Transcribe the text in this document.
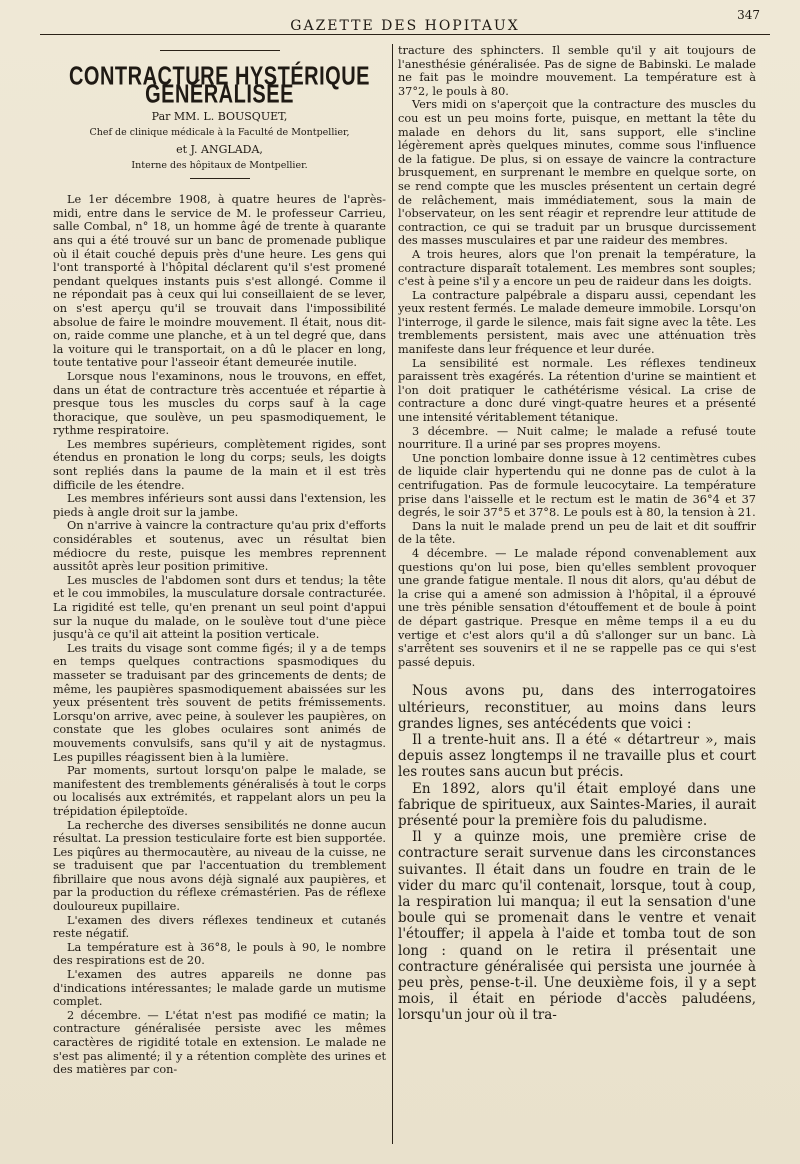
GAZETTE DES HOPITAUX
347
CONTRACTURE HYSTÉRIQUE GÉNÉRALISÉE
Par MM. L. BOUSQUET,
Chef de clinique médicale à la Faculté de Montpellier,
et J. ANGLADA,
Interne des hôpitaux de Montpellier.

Le 1er décembre 1908, à quatre heures de l'après-midi, entre dans le service de M. le professeur Carrieu, salle Combal, n° 18, un homme âgé de trente à quarante ans qui a été trouvé sur un banc de promenade publique où il était couché depuis près d'une heure. Les gens qui l'ont transporté à l'hôpital déclarent qu'il s'est promené pendant quelques instants puis s'est allongé. Comme il ne répondait pas à ceux qui lui conseillaient de se lever, on s'est aperçu qu'il se trouvait dans l'impossibilité absolue de faire le moindre mouvement. Il était, nous dit-on, raide comme une planche, et à un tel degré que, dans la voiture qui le transportait, on a dû le placer en long, toute tentative pour l'asseoir étant demeurée inutile.

Lorsque nous l'examinons, nous le trouvons, en effet, dans un état de contracture très accentuée et répartie à presque tous les muscles du corps sauf à la cage thoracique, que soulève, un peu spasmodiquement, le rythme respiratoire.

Les membres supérieurs, complètement rigides, sont étendus en pronation le long du corps; seuls, les doigts sont repliés dans la paume de la main et il est très difficile de les étendre.

Les membres inférieurs sont aussi dans l'extension, les pieds à angle droit sur la jambe.

On n'arrive à vaincre la contracture qu'au prix d'efforts considérables et soutenus, avec un résultat bien médiocre du reste, puisque les membres reprennent aussitôt après leur position primitive.

Les muscles de l'abdomen sont durs et tendus; la tête et le cou immobiles, la musculature dorsale contracturée. La rigidité est telle, qu'en prenant un seul point d'appui sur la nuque du malade, on le soulève tout d'une pièce jusqu'à ce qu'il ait atteint la position verticale.

Les traits du visage sont comme figés; il y a de temps en temps quelques contractions spasmodiques du masseter se traduisant par des grincements de dents; de même, les paupières spasmodiquement abaissées sur les yeux présentent très souvent de petits frémissements. Lorsqu'on arrive, avec peine, à soulever les paupières, on constate que les globes oculaires sont animés de mouvements convulsifs, sans qu'il y ait de nystagmus. Les pupilles réagissent bien à la lumière.

Par moments, surtout lorsqu'on palpe le malade, se manifestent des tremblements généralisés à tout le corps ou localisés aux extrémités, et rappelant alors un peu la trépidation épileptoïde.

La recherche des diverses sensibilités ne donne aucun résultat. La pression testiculaire forte est bien supportée. Les piqûres au thermocautère, au niveau de la cuisse, ne se traduisent que par l'accentuation du tremblement fibrillaire que nous avons déjà signalé aux paupières, et par la production du réflexe crémastérien. Pas de réflexe douloureux pupillaire.

L'examen des divers réflexes tendineux et cutanés reste négatif.

La température est à 36°8, le pouls à 90, le nombre des respirations est de 20.

L'examen des autres appareils ne donne pas d'indications intéressantes; le malade garde un mutisme complet.

2 décembre. — L'état n'est pas modifié ce matin; la contracture généralisée persiste avec les mêmes caractères de rigidité totale en extension. Le malade ne s'est pas alimenté; il y a rétention complète des urines et des matières par con-

tracture des sphincters. Il semble qu'il y ait toujours de l'anesthésie généralisée. Pas de signe de Babinski. Le malade ne fait pas le moindre mouvement. La température est à 37°2, le pouls à 80.

Vers midi on s'aperçoit que la contracture des muscles du cou est un peu moins forte, puisque, en mettant la tête du malade en dehors du lit, sans support, elle s'incline légèrement après quelques minutes, comme sous l'influence de la fatigue. De plus, si on essaye de vaincre la contracture brusquement, en surprenant le membre en quelque sorte, on se rend compte que les muscles présentent un certain degré de relâchement, mais immédiatement, sous la main de l'observateur, on les sent réagir et reprendre leur attitude de contraction, ce qui se traduit par un brusque durcissement des masses musculaires et par une raideur des membres.

A trois heures, alors que l'on prenait la température, la contracture disparaît totalement. Les membres sont souples; c'est à peine s'il y a encore un peu de raideur dans les doigts.

La contracture palpébrale a disparu aussi, cependant les yeux restent fermés. Le malade demeure immobile. Lorsqu'on l'interroge, il garde le silence, mais fait signe avec la tête. Les tremblements persistent, mais avec une atténuation très manifeste dans leur fréquence et leur durée.

La sensibilité est normale. Les réflexes tendineux paraissent très exagérés. La rétention d'urine se maintient et l'on doit pratiquer le cathétérisme vésical. La crise de contracture a donc duré vingt-quatre heures et a présenté une intensité véritablement tétanique.

3 décembre. — Nuit calme; le malade a refusé toute nourriture. Il a uriné par ses propres moyens.

Une ponction lombaire donne issue à 12 centimètres cubes de liquide clair hypertendu qui ne donne pas de culot à la centrifugation. Pas de formule leucocytaire. La température prise dans l'aisselle et le rectum est le matin de 36°4 et 37 degrés, le soir 37°5 et 37°8. Le pouls est à 80, la tension à 21.

Dans la nuit le malade prend un peu de lait et dit souffrir de la tête.

4 décembre. — Le malade répond convenablement aux questions qu'on lui pose, bien qu'elles semblent provoquer une grande fatigue mentale. Il nous dit alors, qu'au début de la crise qui a amené son admission à l'hôpital, il a éprouvé une très pénible sensation d'étouffement et de boule à point de départ gastrique. Presque en même temps il a eu du vertige et c'est alors qu'il a dû s'allonger sur un banc. Là s'arrêtent ses souvenirs et il ne se rappelle pas ce qui s'est passé depuis.

Nous avons pu, dans des interrogatoires ultérieurs, reconstituer, au moins dans leurs grandes lignes, ses antécédents que voici :

Il a trente-huit ans. Il a été « détartreur », mais depuis assez longtemps il ne travaille plus et court les routes sans aucun but précis.

En 1892, alors qu'il était employé dans une fabrique de spiritueux, aux Saintes-Maries, il aurait présenté pour la première fois du paludisme.

Il y a quinze mois, une première crise de contracture serait survenue dans les circonstances suivantes. Il était dans un foudre en train de le vider du marc qu'il contenait, lorsque, tout à coup, la respiration lui manqua; il eut la sensation d'une boule qui se promenait dans le ventre et venait l'étouffer; il appela à l'aide et tomba tout de son long : quand on le retira il présentait une contracture généralisée qui persista une journée à peu près, pense-t-il. Une deuxième fois, il y a sept mois, il était en période d'accès paludéens, lorsqu'un jour où il tra-
